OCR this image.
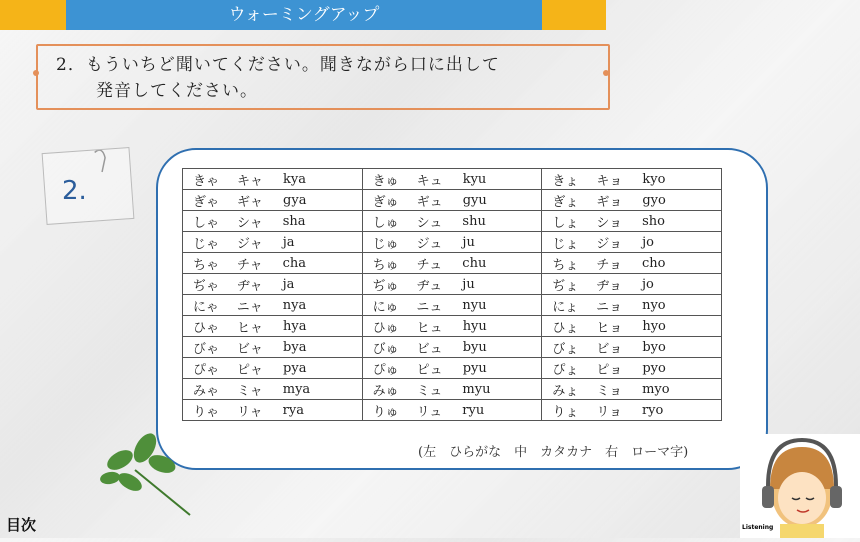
ウォーミングアップ
2．もういちど聞いてください。聞きながら口に出して
発音してください。
2.	きゃ キャ kya	きゅ キュ kyu	きょ キョ kyo

ぎゃ ギャ gya	ぎゅ ギュ gyu	ぎょ ギョ gyo

しゃ シャ sha	しゅ シュ shu	しょ ショ sho

じゃ ジャ ja	じゅ ジュ ju	じょ ジョ jo

ちゃ チャ cha	ちゅ チュ chu	ちょ チョ cho

ぢゃ ヂャ ja	ぢゅ ヂュ ju	ぢょ ヂョ jo

にゃ ニャ nya	にゅ ニュ nyu	にょ ニョ nyo

ひゃ ヒャ hya	ひゅ ヒュ hyu	ひょ ヒョ hyo

びゃ ビャ bya	びゅ ビュ byu	びょ ビョ byo

ぴゃ ピャ pya	ぴゅ ピュ pyu	ぴょ ピョ pyo

みゃ ミャ mya	みゅ ミュ myu	みょ ミョ myo

りゃ リャ rya	りゅ リュ ryu	りょ リョ ryo
(左　ひらがな　中　カタカナ　右　ローマ字)
目次	Listening
